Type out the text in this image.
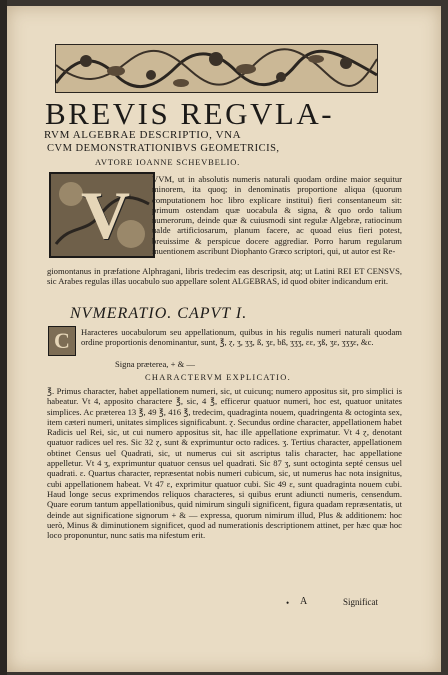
BREVIS REGVLA-
RVM ALGEBRAE DESCRIPTIO, VNA
CVM DEMONSTRATIONIBVS GEOMETRICIS,
AVTORE IOANNE SCHEVBELIO.
V	VVM, ut in absolutis numeris naturali quodam ordine maior sequitur minorem, ita quoq; in denominatis proportione aliqua (quorum computationem hoc libro explicare institui) fieri consentaneum sit: primum ostendam quæ uocabula & signa, & quo ordo talium numerorum, deinde quæ & cuiusmodi sint regulæ Algebræ, ratiocinum ualde artificiosarum, planum facere, ac quoad eius fieri potest, breuissime & perspicue docere aggrediar. Porro harum regularum inuentionem ascribunt Diophanto Græco scriptori, qui, ut autor est Re-
giomontanus in præfatione Alphragani, libris tredecim eas descripsit, atq; ut Latini REI ET CENSVS, sic Arabes regulas illas uocabulo suo appellare solent ALGEBRAS, id quod obiter indicandum erit.
NVMERATIO. CAPVT I.
C	Haracteres uocabulorum seu appellationum, quibus in his regulis numeri naturali quodam ordine proportionis denominantur, sunt, ℥, ɀ, ʒ, ʒʒ, ß, ʒɛ, bß, ʒʒʒ, ɛɛ, ʒß, ʒɛ, ʒʒʒɛ, &c.
Signa præterea, + & —
CHARACTERVM EXPLICATIO.
℥. Primus character, habet appellationem numeri, sic, ut cuicunq; numero appositus sit, pro simplici is habeatur. Vt 4, apposito charactere ℥, sic, 4 ℥, efficerur quatuor numeri, hoc est, quatuor unitates simplices. Ac præterea 13 ℥, 49 ℥, 416 ℥, tredecim, quadraginta nouem, quadringenta & octoginta sex, item cæteri numeri, unitates simplices significabunt. ɀ. Secundus ordine character, appellationem habet Radicis uel Rei, sic, ut cui numero appositus sit, hac ille appellatione exprimatur. Vt 4 ɀ, denotant quatuor radices uel res. Sic 32 ɀ, sunt & exprimuntur octo radices. ʒ. Tertius character, appellationem obtinet Census uel Quadrati, sic, ut numerus cui sit ascriptus talis character, hac appellatione appelletur. Vt 4 ʒ, exprimuntur quatuor census uel quadrati. Sic 87 ʒ, sunt octoginta septé census uel quadrati. ɛ. Quartus character, repræsentat nobis numeri cubicum, sic, ut numerus hac nota insignitus, cubi appellationem habeat. Vt 47 ɛ, exprimitur quatuor cubi. Sic 49 ɛ, sunt quadraginta nouem cubi. Haud longe secus exprimendos reliquos characteres, si quibus erunt adiuncti numeris, censendum. Quare eorum tantum appellationibus, quid nimirum singuli significent, figura quadam repræsentatis, ut deinde aut significatione signorum + & — expressa, quorum nimirum illud, Plus & additionem: hoc uerò, Minus & diminutionem significet, quod ad numerationis descriptionem attinet, per hæc quæ hoc loco proponuntur, nunc satis ma nifestum erit.
• A	Significat
